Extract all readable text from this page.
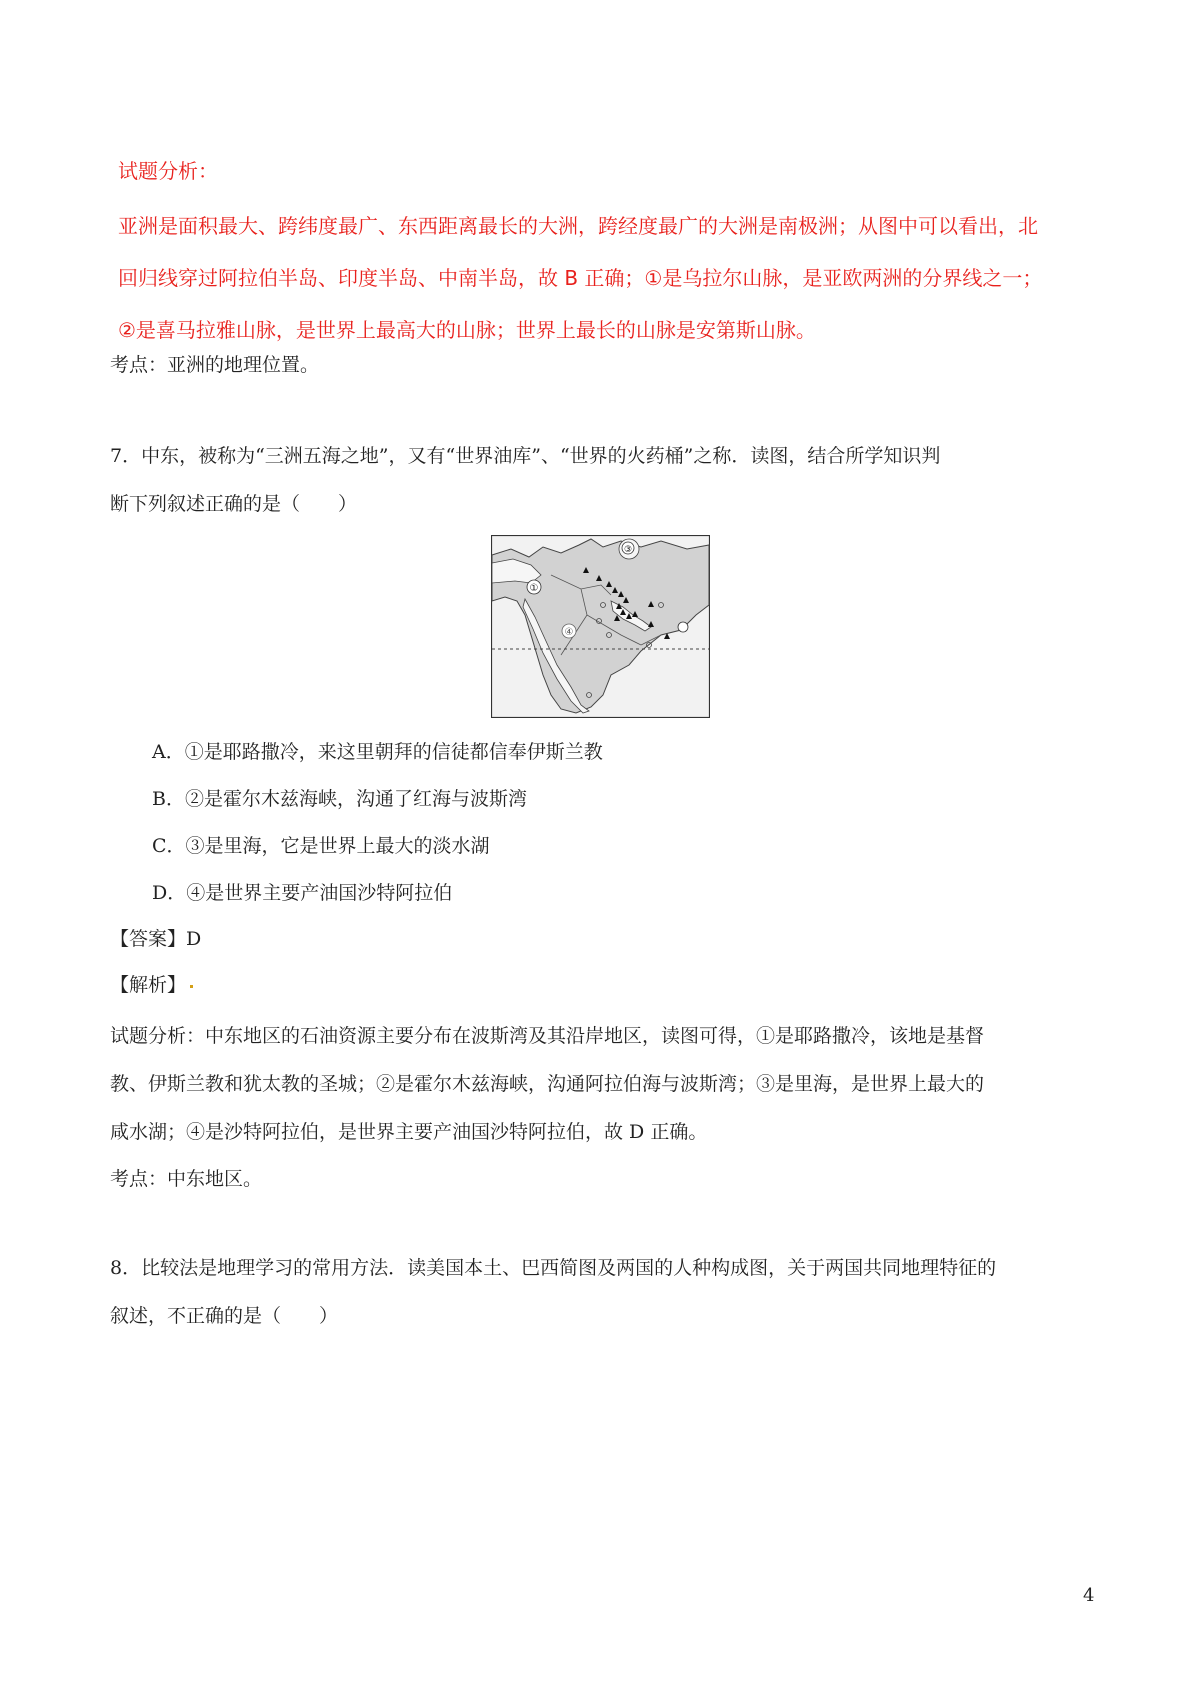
试题分析：
亚洲是面积最大、跨纬度最广、东西距离最长的大洲，跨经度最广的大洲是南极洲；从图中可以看出，北
回归线穿过阿拉伯半岛、印度半岛、中南半岛，故 B 正确；①是乌拉尔山脉，是亚欧两洲的分界线之一；
②是喜马拉雅山脉，是世界上最高大的山脉；世界上最长的山脉是安第斯山脉。
考点：亚洲的地理位置。
7．中东，被称为“三洲五海之地”，又有“世界油库”、“世界的火药桶”之称．读图，结合所学知识判
断下列叙述正确的是（　　）
①
④
③
A．①是耶路撒冷，来这里朝拜的信徒都信奉伊斯兰教
B．②是霍尔木兹海峡，沟通了红海与波斯湾
C．③是里海，它是世界上最大的淡水湖
D．④是世界主要产油国沙特阿拉伯
【答案】D
【解析】
试题分析：中东地区的石油资源主要分布在波斯湾及其沿岸地区，读图可得，①是耶路撒冷，该地是基督
教、伊斯兰教和犹太教的圣城；②是霍尔木兹海峡，沟通阿拉伯海与波斯湾；③是里海，是世界上最大的
咸水湖；④是沙特阿拉伯，是世界主要产油国沙特阿拉伯，故 D 正确。
考点：中东地区。
8．比较法是地理学习的常用方法．读美国本土、巴西简图及两国的人种构成图，关于两国共同地理特征的
叙述，不正确的是（　　）
4
